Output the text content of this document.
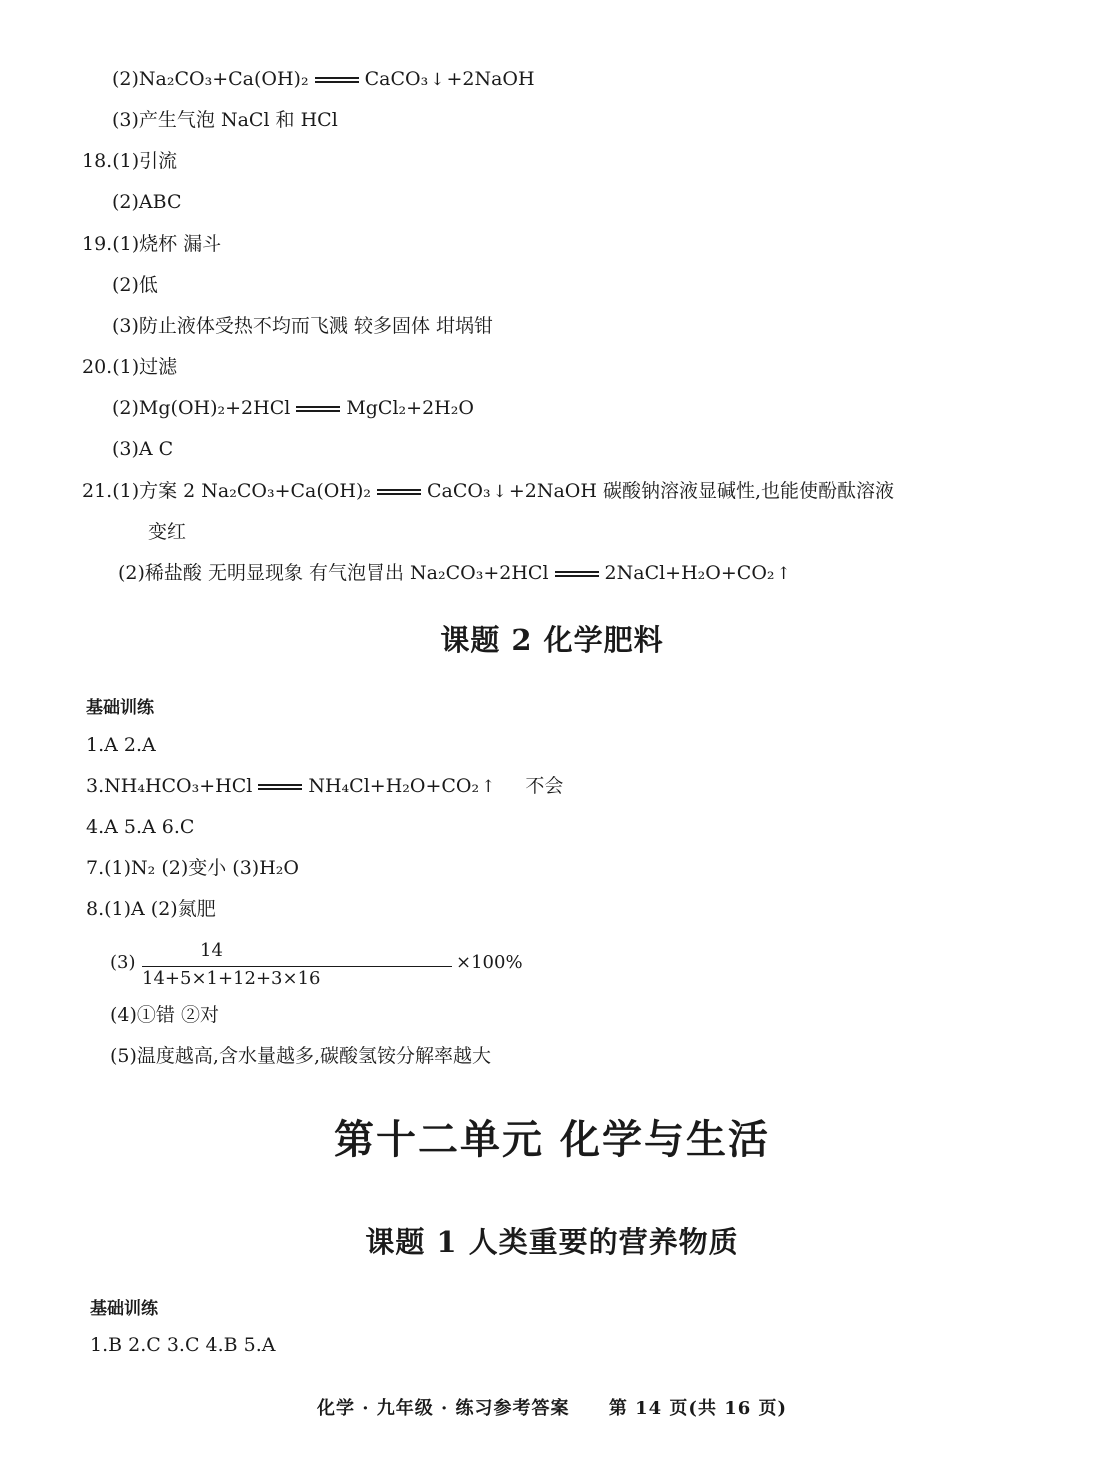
(2)Na₂CO₃+Ca(OH)₂	CaCO₃ ↓ +2NaOH
(3)产生气泡 NaCl 和 HCl
18.(1)引流
(2)ABC
19.(1)烧杯 漏斗
(2)低
(3)防止液体受热不均而飞溅 较多固体 坩埚钳
20.(1)过滤
(2)Mg(OH)₂+2HCl	MgCl₂+2H₂O
(3)A C
21.(1)方案 2 Na₂CO₃+Ca(OH)₂	CaCO₃ ↓ +2NaOH 碳酸钠溶液显碱性,也能使酚酞溶液
变红
(2)稀盐酸 无明显现象 有气泡冒出 Na₂CO₃+2HCl	2NaCl+H₂O+CO₂ ↑
课题 2 化学肥料
基础训练
1.A 2.A
3.NH₄HCO₃+HCl	NH₄Cl+H₂O+CO₂ ↑ 不会
4.A 5.A 6.C
7.(1)N₂ (2)变小 (3)H₂O
8.(1)A (2)氮肥
(3)
14
14+5×1+12+3×16
×100%
(4)①错 ②对
(5)温度越高,含水量越多,碳酸氢铵分解率越大
第十二单元 化学与生活
课题 1 人类重要的营养物质
基础训练
1.B 2.C 3.C 4.B 5.A
化学 · 九年级 · 练习参考答案 第 14 页(共 16 页)
